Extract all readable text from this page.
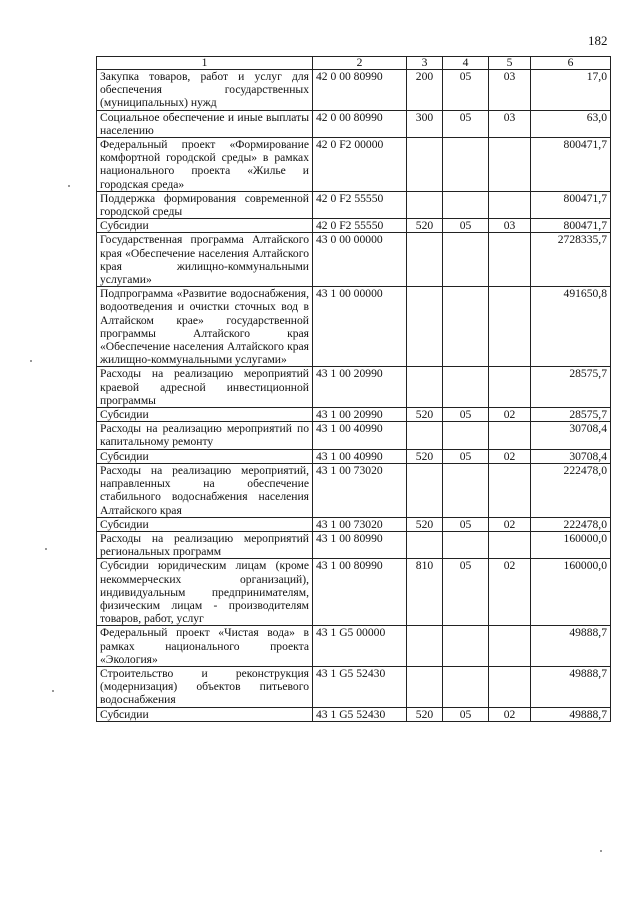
182
1	2	3	4	5	6
Закупка товаров, работ и услуг для обеспечения государственных (муниципальных) нужд	42 0 00 80990	200	05	03	17,0
Социальное обеспечение и иные выплаты населению	42 0 00 80990	300	05	03	63,0
Федеральный проект «Формирование комфортной городской среды» в рамках национального проекта «Жилье и городская среда»	42 0 F2 00000				800471,7
Поддержка формирования современной городской среды	42 0 F2 55550				800471,7
Субсидии	42 0 F2 55550	520	05	03	800471,7
Государственная программа Алтайского края «Обеспечение населения Алтайского края жилищно-коммунальными услугами»	43 0 00 00000				2728335,7
Подпрограмма «Развитие водоснабжения, водоотведения и очистки сточных вод в Алтайском крае» государственной программы Алтайского края «Обеспечение населения Алтайского края жилищно-коммунальными услугами»	43 1 00 00000				491650,8
Расходы на реализацию мероприятий краевой адресной инвестиционной программы	43 1 00 20990				28575,7
Субсидии	43 1 00 20990	520	05	02	28575,7
Расходы на реализацию мероприятий по капитальному ремонту	43 1 00 40990				30708,4
Субсидии	43 1 00 40990	520	05	02	30708,4
Расходы на реализацию мероприятий, направленных на обеспечение стабильного водоснабжения населения Алтайского края	43 1 00 73020				222478,0
Субсидии	43 1 00 73020	520	05	02	222478,0
Расходы на реализацию мероприятий региональных программ	43 1 00 80990				160000,0
Субсидии юридическим лицам (кроме некоммерческих организаций), индивидуальным предпринимателям, физическим лицам - производителям товаров, работ, услуг	43 1 00 80990	810	05	02	160000,0
Федеральный проект «Чистая вода» в рамках национального проекта «Экология»	43 1 G5 00000				49888,7
Строительство и реконструкция (модернизация) объектов питьевого водоснабжения	43 1 G5 52430				49888,7
Субсидии	43 1 G5 52430	520	05	02	49888,7
